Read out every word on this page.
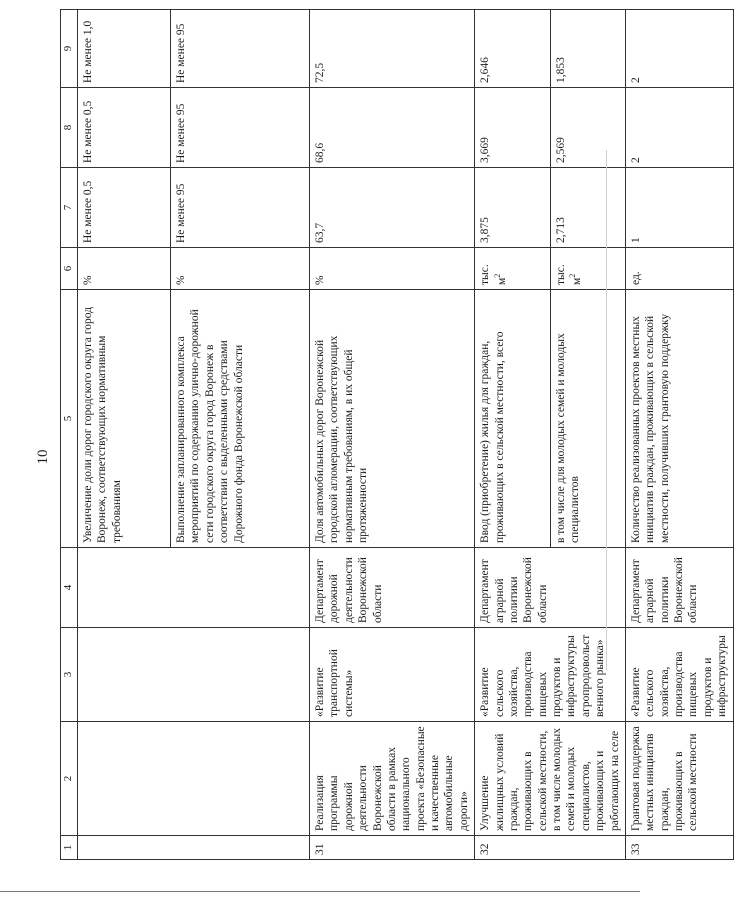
10
1	2	3	4	5	6	7	8	9
				Увеличение доли дорог городского округа город Воронеж, соответствующих нормативным требованиям	%	Не менее 0,5	Не менее 0,5	Не менее 1,0
				Выполнение запланированного комплекса мероприятий по содержанию улично-дорожной сети городского округа город Воронеж в соответствии с выделенными средствами Дорожного фонда Воронежской области	%	Не менее 95	Не менее 95	Не менее 95
31	Реализация программы дорожной деятельности Воронежской области в рамках национального проекта «Безопасные и качественные автомобильные дороги»	«Развитие транспортной системы»	Департамент дорожной деятельности Воронежской области	Доля автомобильных дорог Воронежской городской агломерации, соответствующих нормативным требованиям, в их общей протяженности	%	63,7	68,6	72,5
32	Улучшение жилищных условий граждан, проживающих в сельской местности, в том числе молодых семей и молодых специалистов, проживающих и работающих на селе	«Развитие сельского хозяйства, производства пищевых продуктов и инфраструктуры агропродовольственного рынка»	Департамент аграрной политики Воронежской области	Ввод (приобретение) жилья для граждан, проживающих в сельской местности, всего	тыс. $м^2$	3,875	3,669	2,646
				в том числе для молодых семей и молодых специалистов	тыс. $м^2$	2,713	2,569	1,853
33	Грантовая поддержка местных инициатив граждан, проживающих в сельской местности	«Развитие сельского хозяйства, производства пищевых продуктов и инфраструктуры	Департамент аграрной политики Воронежской области	Количество реализованных проектов местных инициатив граждан, проживающих в сельской местности, получивших грантовую поддержку	ед.	1	2	2
